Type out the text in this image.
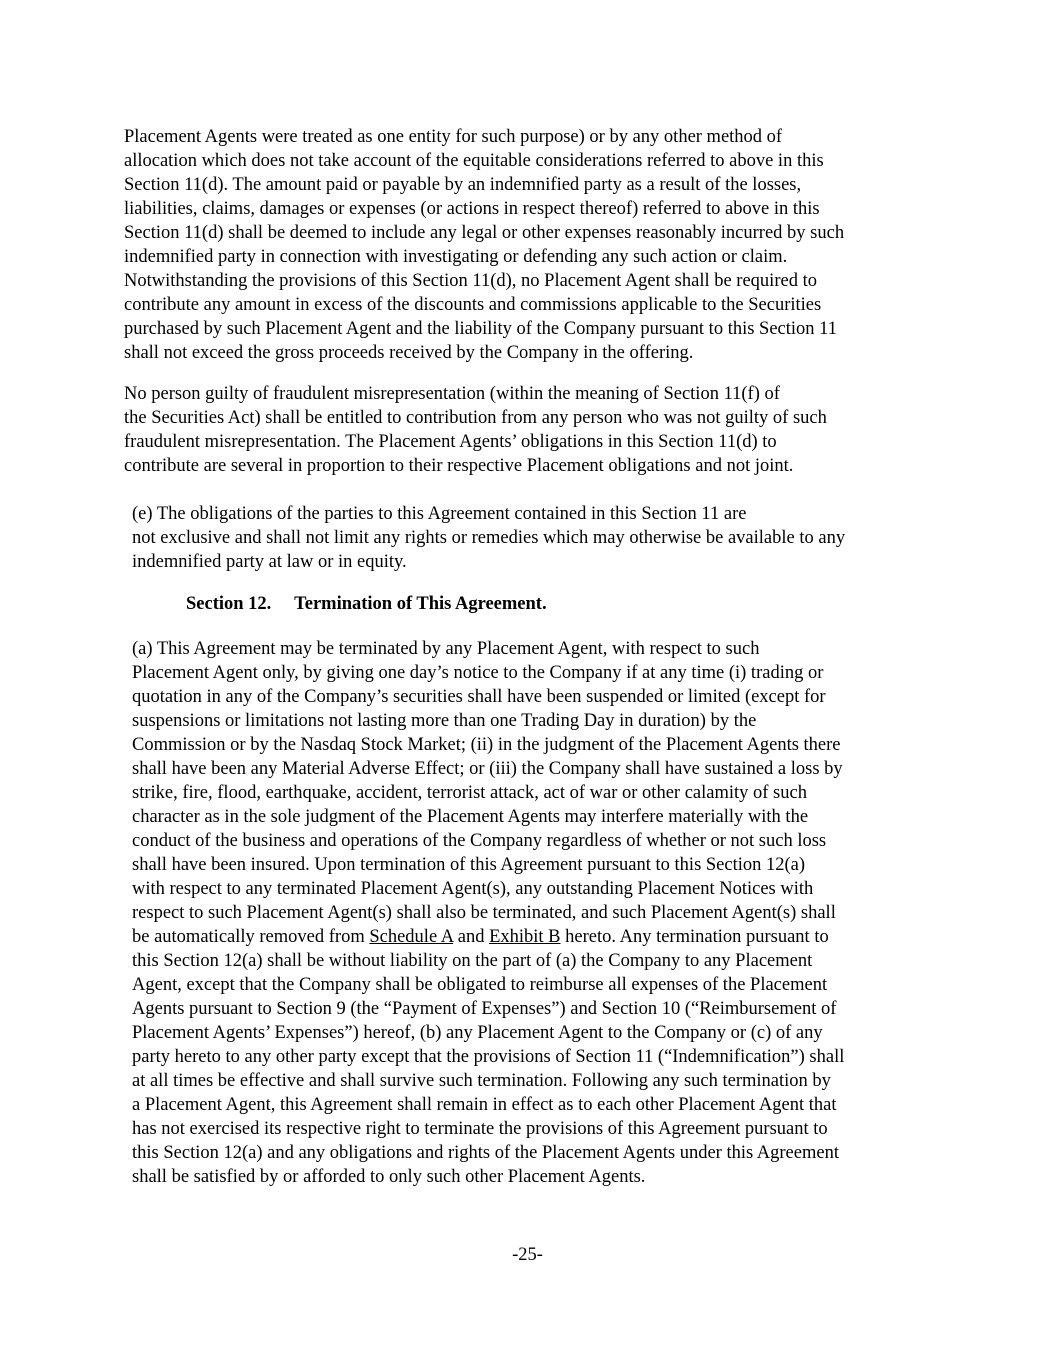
Placement Agents were treated as one entity for such purpose) or by any other method of
allocation which does not take account of the equitable considerations referred to above in this
Section 11(d). The amount paid or payable by an indemnified party as a result of the losses,
liabilities, claims, damages or expenses (or actions in respect thereof) referred to above in this
Section 11(d) shall be deemed to include any legal or other expenses reasonably incurred by such
indemnified party in connection with investigating or defending any such action or claim.
Notwithstanding the provisions of this Section 11(d), no Placement Agent shall be required to
contribute any amount in excess of the discounts and commissions applicable to the Securities
purchased by such Placement Agent and the liability of the Company pursuant to this Section 11
shall not exceed the gross proceeds received by the Company in the offering.

No person guilty of fraudulent misrepresentation (within the meaning of Section 11(f) of
the Securities Act) shall be entitled to contribution from any person who was not guilty of such
fraudulent misrepresentation. The Placement Agents’ obligations in this Section 11(d) to
contribute are several in proportion to their respective Placement obligations and not joint.

(e) The obligations of the parties to this Agreement contained in this Section 11 are
not exclusive and shall not limit any rights or remedies which may otherwise be available to any
indemnified party at law or in equity.

Section 12.     Termination of This Agreement.

(a) This Agreement may be terminated by any Placement Agent, with respect to such
Placement Agent only, by giving one day’s notice to the Company if at any time (i) trading or
quotation in any of the Company’s securities shall have been suspended or limited (except for
suspensions or limitations not lasting more than one Trading Day in duration) by the
Commission or by the Nasdaq Stock Market; (ii) in the judgment of the Placement Agents there
shall have been any Material Adverse Effect; or (iii) the Company shall have sustained a loss by
strike, fire, flood, earthquake, accident, terrorist attack, act of war or other calamity of such
character as in the sole judgment of the Placement Agents may interfere materially with the
conduct of the business and operations of the Company regardless of whether or not such loss
shall have been insured. Upon termination of this Agreement pursuant to this Section 12(a)
with respect to any terminated Placement Agent(s), any outstanding Placement Notices with
respect to such Placement Agent(s) shall also be terminated, and such Placement Agent(s) shall
be automatically removed from Schedule A and Exhibit B hereto. Any termination pursuant to
this Section 12(a) shall be without liability on the part of (a) the Company to any Placement
Agent, except that the Company shall be obligated to reimburse all expenses of the Placement
Agents pursuant to Section 9 (the “Payment of Expenses”) and Section 10 (“Reimbursement of
Placement Agents’ Expenses”) hereof, (b) any Placement Agent to the Company or (c) of any
party hereto to any other party except that the provisions of Section 11 (“Indemnification”) shall
at all times be effective and shall survive such termination. Following any such termination by
a Placement Agent, this Agreement shall remain in effect as to each other Placement Agent that
has not exercised its respective right to terminate the provisions of this Agreement pursuant to
this Section 12(a) and any obligations and rights of the Placement Agents under this Agreement
shall be satisfied by or afforded to only such other Placement Agents.

-25-
